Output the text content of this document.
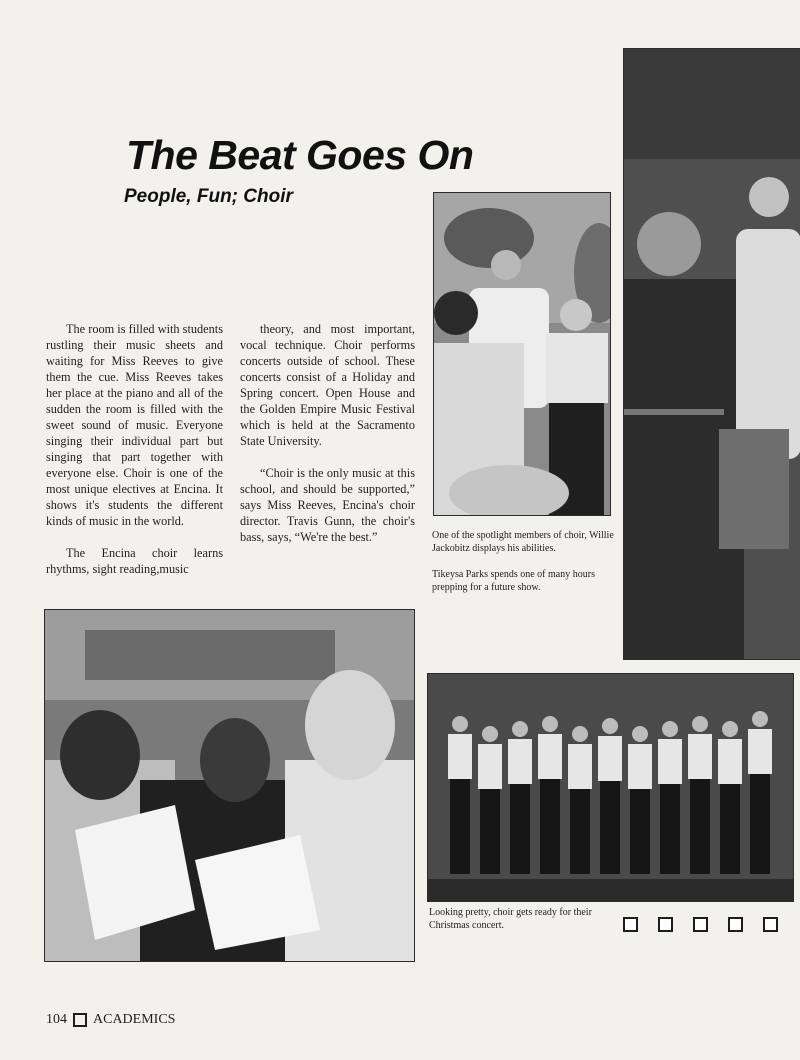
The Beat Goes On
People, Fun; Choir

The room is filled with students rustling their music sheets and waiting for Miss Reeves to give them the cue. Miss Reeves takes her place at the piano and all of the sudden the room is filled with the sweet sound of music. Everyone singing their individual part but singing that part together with everyone else. Choir is one of the most unique electives at Encina. It shows it's students the different kinds of music in the world.

The Encina choir learns rhythms, sight reading,music

theory, and most important, vocal technique. Choir performs concerts outside of school. These concerts consist of a Holiday and Spring concert. Open House and the Golden Empire Music Festival which is held at the Sacramento State University.

“Choir is the only music at this school, and should be supported,” says Miss Reeves, Encina's choir director. Travis Gunn, the choir's bass, says, “We're the best.”	One of the spotlight members of choir, Willie Jackobitz displays his abilities.
Tikeysa Parks spends one of many hours prepping for a future show.
Looking pretty, choir gets ready for their Christmas concert.
104 ACADEMICS
